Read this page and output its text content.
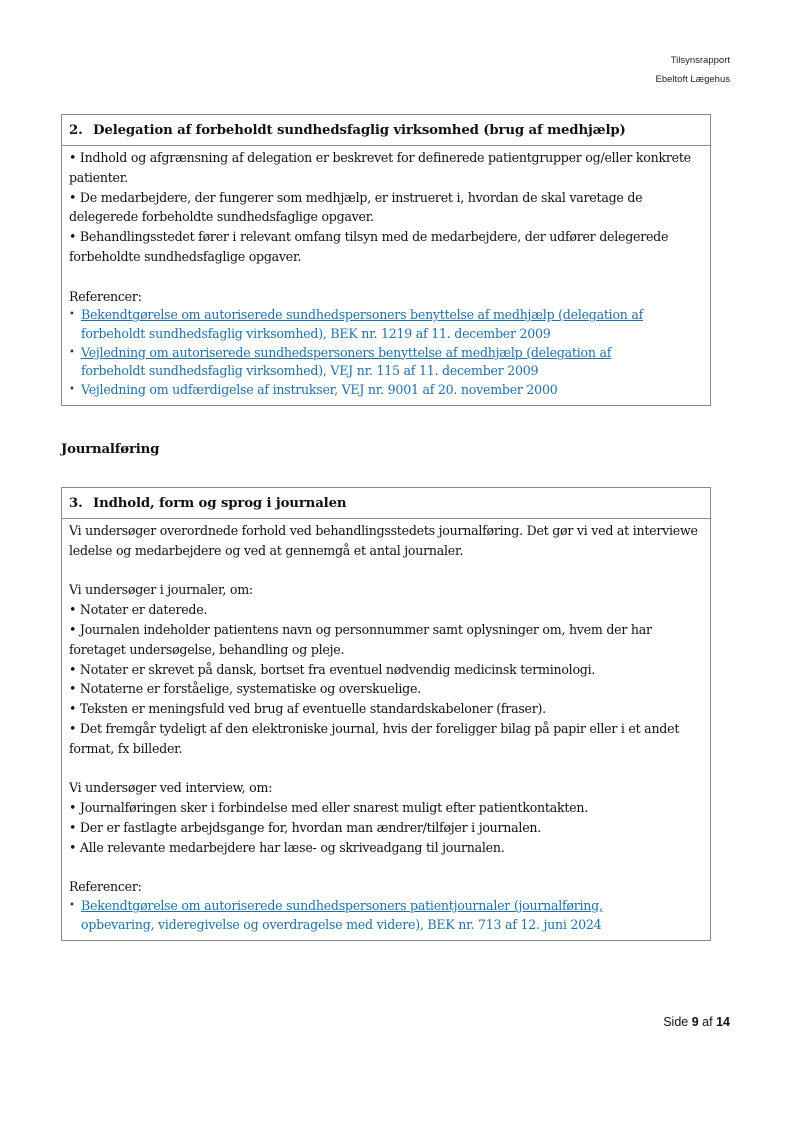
Tilsynsrapport
Ebeltoft Lægehus
2. Delegation af forbeholdt sundhedsfaglig virksomhed (brug af medhjælp)

• Indhold og afgrænsning af delegation er beskrevet for definerede patientgrupper og/eller konkrete patienter.

• De medarbejdere, der fungerer som medhjælp, er instrueret i, hvordan de skal varetage de delegerede forbeholdte sundhedsfaglige opgaver.

• Behandlingsstedet fører i relevant omfang tilsyn med de medarbejdere, der udfører delegerede forbeholdte sundhedsfaglige opgaver.

Referencer:

• Bekendtgørelse om autoriserede sundhedspersoners benyttelse af medhjælp (delegation af
forbeholdt sundhedsfaglig virksomhed), BEK nr. 1219 af 11. december 2009
• Vejledning om autoriserede sundhedspersoners benyttelse af medhjælp (delegation af
forbeholdt sundhedsfaglig virksomhed), VEJ nr. 115 af 11. december 2009
• Vejledning om udfærdigelse af instrukser, VEJ nr. 9001 af 20. november 2000
Journalføring
3. Indhold, form og sprog i journalen

Vi undersøger overordnede forhold ved behandlingsstedets journalføring. Det gør vi ved at interviewe ledelse og medarbejdere og ved at gennemgå et antal journaler.

Vi undersøger i journaler, om:

• Notater er daterede.

• Journalen indeholder patientens navn og personnummer samt oplysninger om, hvem der har foretaget undersøgelse, behandling og pleje.

• Notater er skrevet på dansk, bortset fra eventuel nødvendig medicinsk terminologi.

• Notaterne er forståelige, systematiske og overskuelige.

• Teksten er meningsfuld ved brug af eventuelle standardskabeloner (fraser).

• Det fremgår tydeligt af den elektroniske journal, hvis der foreligger bilag på papir eller i et andet format, fx billeder.

Vi undersøger ved interview, om:

• Journalføringen sker i forbindelse med eller snarest muligt efter patientkontakten.

• Der er fastlagte arbejdsgange for, hvordan man ændrer/tilføjer i journalen.

• Alle relevante medarbejdere har læse- og skriveadgang til journalen.

Referencer:

• Bekendtgørelse om autoriserede sundhedspersoners patientjournaler (journalføring,
opbevaring, videregivelse og overdragelse med videre), BEK nr. 713 af 12. juni 2024
Side 9 af 14
